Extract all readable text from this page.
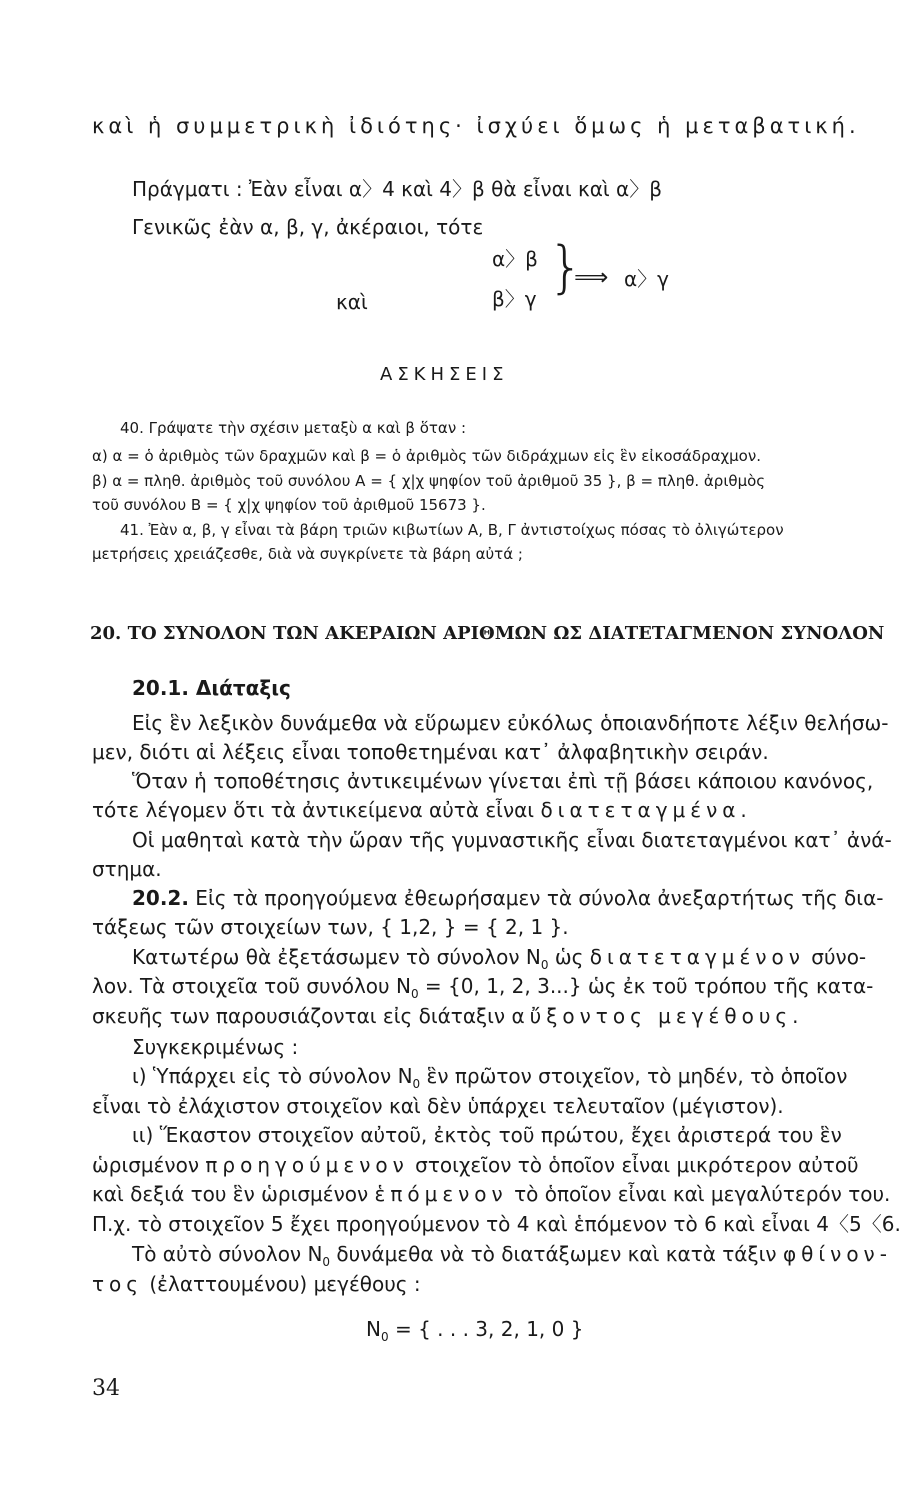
καὶ ἡ συμμετρικὴ ἰδιότης· ἰσχύει ὅμως ἡ μεταβατική.
Πράγματι : Ἐὰν εἶναι α〉4 καὶ 4〉β θὰ εἶναι καὶ α〉β
Γενικῶς ἐὰν α, β, γ, ἀκέραιοι, τότε
α〉β
καὶ	β〉γ }
⟹ α〉γ
ΑΣΚΗΣΕΙΣ
40. Γράψατε τὴν σχέσιν μεταξὺ α καὶ β ὅταν :
α) α = ὁ ἀριθμὸς τῶν δραχμῶν καὶ β = ὁ ἀριθμὸς τῶν διδράχμων εἰς ἓν εἰκοσάδραχμον.
β) α = πληθ. ἀριθμὸς τοῦ συνόλου Α = { χ|χ ψηφίον τοῦ ἀριθμοῦ 35 }, β = πληθ. ἀριθμὸς
τοῦ συνόλου Β = { χ|χ ψηφίον τοῦ ἀριθμοῦ 15673 }.
41. Ἐὰν α, β, γ εἶναι τὰ βάρη τριῶν κιβωτίων Α, Β, Γ ἀντιστοίχως πόσας τὸ ὀλιγώτερον
μετρήσεις χρειάζεσθε, διὰ νὰ συγκρίνετε τὰ βάρη αὐτά ;
20. ΤΟ ΣΥΝΟΛΟΝ ΤΩΝ ΑΚΕΡΑΙΩΝ ΑΡΙΘΜΩΝ ΩΣ ΔΙΑΤΕΤΑΓΜΕΝΟΝ ΣΥΝΟΛΟΝ
20.1. Διάταξις
Εἰς ἓν λεξικὸν δυνάμεθα νὰ εὕρωμεν εὐκόλως ὁποιανδήποτε λέξιν θελήσω-
μεν, διότι αἱ λέξεις εἶναι τοποθετημέναι κατ᾽ ἀλφαβητικὴν σειράν.
Ὅταν ἡ τοποθέτησις ἀντικειμένων γίνεται ἐπὶ τῇ βάσει κάποιου κανόνος,
τότε λέγομεν ὅτι τὰ ἀντικείμενα αὐτὰ εἶναι διατεταγμένα.
Οἱ μαθηταὶ κατὰ τὴν ὥραν τῆς γυμναστικῆς εἶναι διατεταγμένοι κατ᾽ ἀνά-
στημα.
20.2. Εἰς τὰ προηγούμενα ἐθεωρήσαμεν τὰ σύνολα ἀνεξαρτήτως τῆς δια-
τάξεως τῶν στοιχείων των, { 1,2, } = { 2, 1 }.
Κατωτέρω θὰ ἐξετάσωμεν τὸ σύνολον $N_0$ ὡς διατεταγμένον σύνο-
λον. Τὰ στοιχεῖα τοῦ συνόλου $N_0 = \{0$, 1, 2, 3...} ὡς ἐκ τοῦ τρόπου τῆς κατα-
σκευῆς των παρουσιάζονται εἰς διάταξιν αὔξοντος μεγέθους.
Συγκεκριμένως :
ι) Ὑπάρχει εἰς τὸ σύνολον $N_0$ ἓν πρῶτον στοιχεῖον, τὸ μηδέν, τὸ ὁποῖον
εἶναι τὸ ἐλάχιστον στοιχεῖον καὶ δὲν ὑπάρχει τελευταῖον (μέγιστον).
ιι) Ἕκαστον στοιχεῖον αὐτοῦ, ἐκτὸς τοῦ πρώτου, ἔχει ἀριστερά του ἓν
ὡρισμένον προηγούμενον στοιχεῖον τὸ ὁποῖον εἶναι μικρότερον αὐτοῦ
καὶ δεξιά του ἓν ὡρισμένον ἑπόμενον τὸ ὁποῖον εἶναι καὶ μεγαλύτερόν του.
Π.χ. τὸ στοιχεῖον 5 ἔχει προηγούμενον τὸ 4 καὶ ἑπόμενον τὸ 6 καὶ εἶναι 4〈5〈6.
Τὸ αὐτὸ σύνολον $N_0$ δυνάμεθα νὰ τὸ διατάξωμεν καὶ κατὰ τάξιν φθίνον-
τος (ἐλαττουμένου) μεγέθους :
$N_0$ = { . . . 3, 2, 1, 0 }
34
